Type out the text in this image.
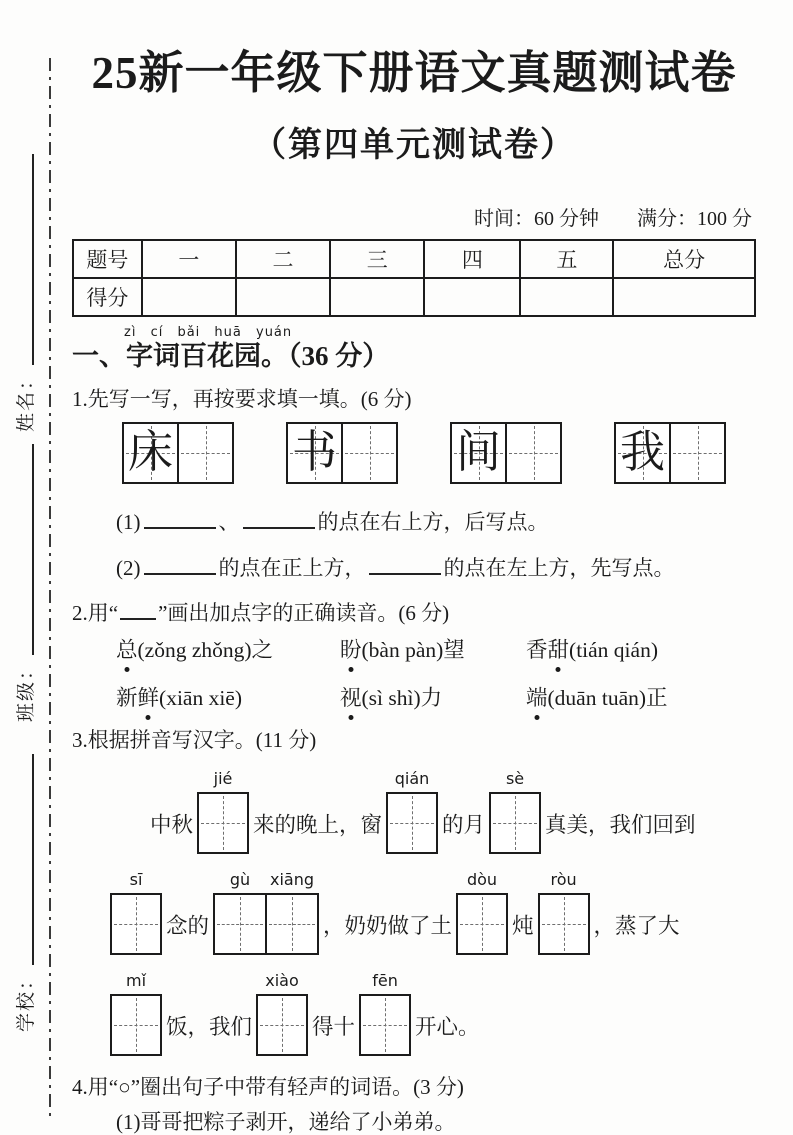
姓名：
班级：
学校：
25新一年级下册语文真题测试卷
（第四单元测试卷）
时间：60 分钟 满分：100 分
题号	一	二	三	四	五	总分
得分						
zì cí bǎi huā yuán
一、字词百花园。（36 分）
1.先写一写，再按要求填一填。(6 分)
床	书	间	我
(1)	、	的点在右上方，后写点。
(2)	的点在正上方，	的点在左上方，先写点。
2.用“ ”画出加点字的正确读音。(6 分)
总(zǒng zhǒng)之	盼(bàn pàn)望	香甜(tián qián)
新鲜(xiān xiē)	视(sì shì)力	端(duān tuān)正
3.根据拼音写汉字。(11 分)
中秋
jié
来的晚上，窗
qián
的月
sè
真美，我们回到
sī
念的
gù	xiāng
，奶奶做了土
dòu
炖
ròu
，蒸了大
mǐ
饭，我们
xiào
得十
fēn
开心。
4.用“○”圈出句子中带有轻声的词语。(3 分)
(1)哥哥把粽子剥开，递给了小弟弟。
